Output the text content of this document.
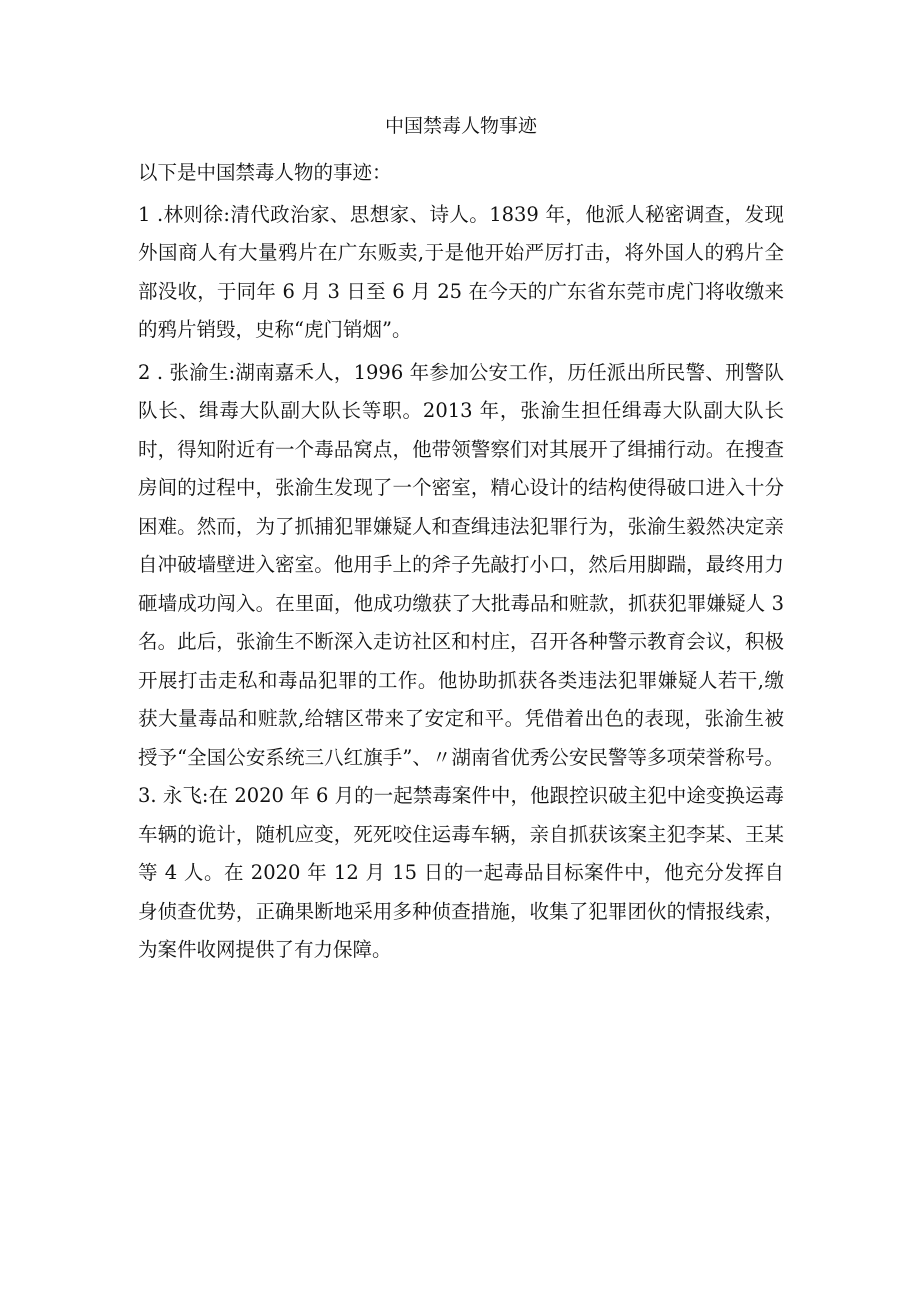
中国禁毒人物事迹

以下是中国禁毒人物的事迹：

1 .林则徐:清代政治家、思想家、诗人。1839 年，他派人秘密调查，发现外国商人有大量鸦片在广东贩卖,于是他开始严厉打击，将外国人的鸦片全部没收，于同年 6 月 3 日至 6 月 25 在今天的广东省东莞市虎门将收缴来的鸦片销毁，史称“虎门销烟”。

2 . 张渝生:湖南嘉禾人，1996 年参加公安工作，历任派出所民警、刑警队队长、缉毒大队副大队长等职。2013 年，张渝生担任缉毒大队副大队长时，得知附近有一个毒品窝点，他带领警察们对其展开了缉捕行动。在搜查房间的过程中，张渝生发现了一个密室，精心设计的结构使得破口进入十分困难。然而，为了抓捕犯罪嫌疑人和查缉违法犯罪行为，张渝生毅然决定亲自冲破墙壁进入密室。他用手上的斧子先敲打小口，然后用脚踹，最终用力砸墙成功闯入。在里面，他成功缴获了大批毒品和赃款，抓获犯罪嫌疑人 3 名。此后，张渝生不断深入走访社区和村庄，召开各种警示教育会议，积极开展打击走私和毒品犯罪的工作。他协助抓获各类违法犯罪嫌疑人若干,缴获大量毒品和赃款,给辖区带来了安定和平。凭借着出色的表现，张渝生被授予“全国公安系统三八红旗手”、〃湖南省优秀公安民警等多项荣誉称号。3. 永飞:在 2020 年 6 月的一起禁毒案件中，他跟控识破主犯中途变换运毒车辆的诡计，随机应变，死死咬住运毒车辆，亲自抓获该案主犯李某、王某等 4 人。在 2020 年 12 月 15 日的一起毒品目标案件中，他充分发挥自身侦查优势，正确果断地采用多种侦查措施，收集了犯罪团伙的情报线索，为案件收网提供了有力保障。
